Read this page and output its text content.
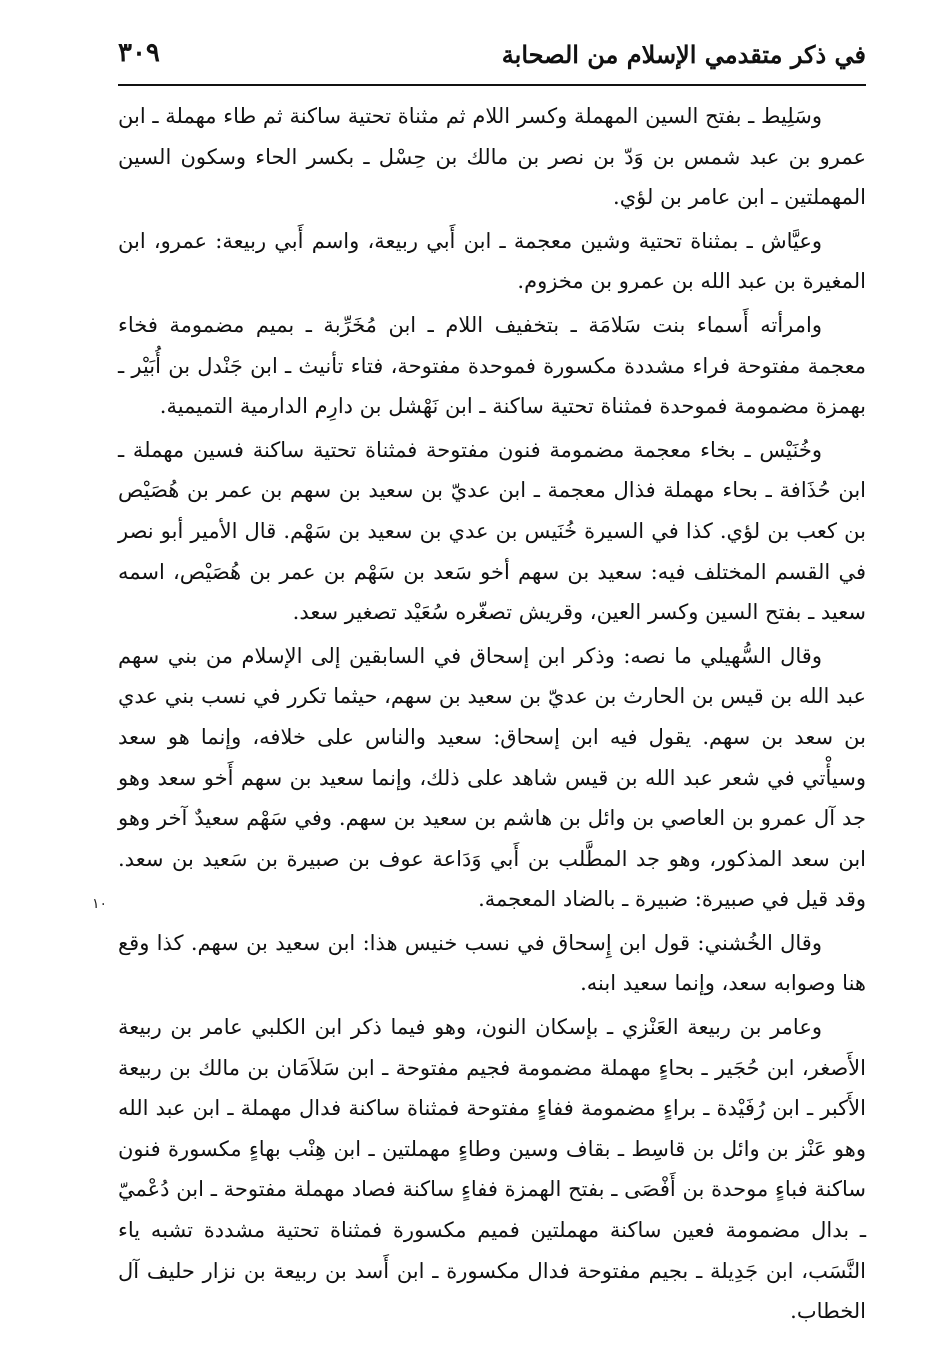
في ذكر متقدمي الإسلام من الصحابة
٣٠٩

وسَلِيط ـ بفتح السين المهملة وكسر اللام ثم مثناة تحتية ساكنة ثم طاء مهملة ـ ابن عمرو بن عبد شمس بن وَدّ بن نصر بن مالك بن حِسْل ـ بكسر الحاء وسكون السين المهملتين ـ ابن عامر بن لؤي.

وعيَّاش ـ بمثناة تحتية وشين معجمة ـ ابن أَبي ربيعة، واسم أَبي ربيعة: عمرو، ابن المغيرة بن عبد الله بن عمرو بن مخزوم.

وامرأته أَسماء بنت سَلامَة ـ بتخفيف اللام ـ ابن مُخَرِّبة ـ بميم مضمومة فخاء معجمة مفتوحة فراء مشددة مكسورة فموحدة مفتوحة، فتاء تأنيث ـ ابن جَنْدل بن أُبَيْر ـ بهمزة مضمومة فموحدة فمثناة تحتية ساكنة ـ ابن نَهْشل بن دارِم الدارمية التميمية.

وخُنَيْس ـ بخاء معجمة مضمومة فنون مفتوحة فمثناة تحتية ساكنة فسين مهملة ـ ابن حُذَافة ـ بحاء مهملة فذال معجمة ـ ابن عديّ بن سعيد بن سهم بن عمر بن هُصَيْص بن كعب بن لؤي. كذا في السيرة خُنَيس بن عدي بن سعيد بن سَهْم. قال الأمير أبو نصر في القسم المختلف فيه: سعيد بن سهم أخو سَعد بن سَهْم بن عمر بن هُصَيْص، اسمه سعيد ـ بفتح السين وكسر العين، وقريش تصغّره سُعَيْد تصغير سعد.

وقال السُّهيلي ما نصه: وذكر ابن إسحاق في السابقين إلى الإسلام من بني سهم عبد الله بن قيس بن الحارث بن عديّ بن سعيد بن سهم، حيثما تكرر في نسب بني عدي بن سعد بن سهم. يقول فيه ابن إسحاق: سعيد والناس على خلافه، وإنما هو سعد وسيأْتي في شعر عبد الله بن قيس شاهد على ذلك، وإنما سعيد بن سهم أَخو سعد وهو جد آل عمرو بن العاصي بن وائل بن هاشم بن سعيد بن سهم. وفي سَهْم سعيدٌ آخر وهو ابن سعد المذكور، وهو جد المطَّلب بن أَبي وَدَاعة عوف بن صبيرة بن سَعيد بن سعد. وقد قيل في صبيرة: ضبيرة ـ بالضاد المعجمة.

وقال الخُشني: قول ابن إِسحاق في نسب خنيس هذا: ابن سعيد بن سهم. كذا وقع هنا وصوابه سعد، وإنما سعيد ابنه.

وعامر بن ربيعة العَنْزي ـ بإسكان النون، وهو فيما ذكر ابن الكلبي عامر بن ربيعة الأَصغر، ابن حُجَير ـ بحاءٍ مهملة مضمومة فجيم مفتوحة ـ ابن سَلاَمَان بن مالك بن ربيعة الأَكبر ـ ابن رُفَيْدة ـ براءٍ مضمومة ففاءٍ مفتوحة فمثناة ساكنة فدال مهملة ـ ابن عبد الله وهو عَنْز بن وائل بن قاسِط ـ بقاف وسين وطاءٍ مهملتين ـ ابن هِنْب بهاءٍ مكسورة فنون ساكنة فباءٍ موحدة بن أَفْصَى ـ بفتح الهمزة ففاءٍ ساكنة فصاد مهملة مفتوحة ـ ابن دُعْميّ ـ بدال مضمومة فعين ساكنة مهملتين فميم مكسورة فمثناة تحتية مشددة تشبه ياء النَّسَب، ابن جَدِيلة ـ بجيم مفتوحة فدال مكسورة ـ ابن أَسد بن ربيعة بن نزار حليف آل الخطاب.

١٠
